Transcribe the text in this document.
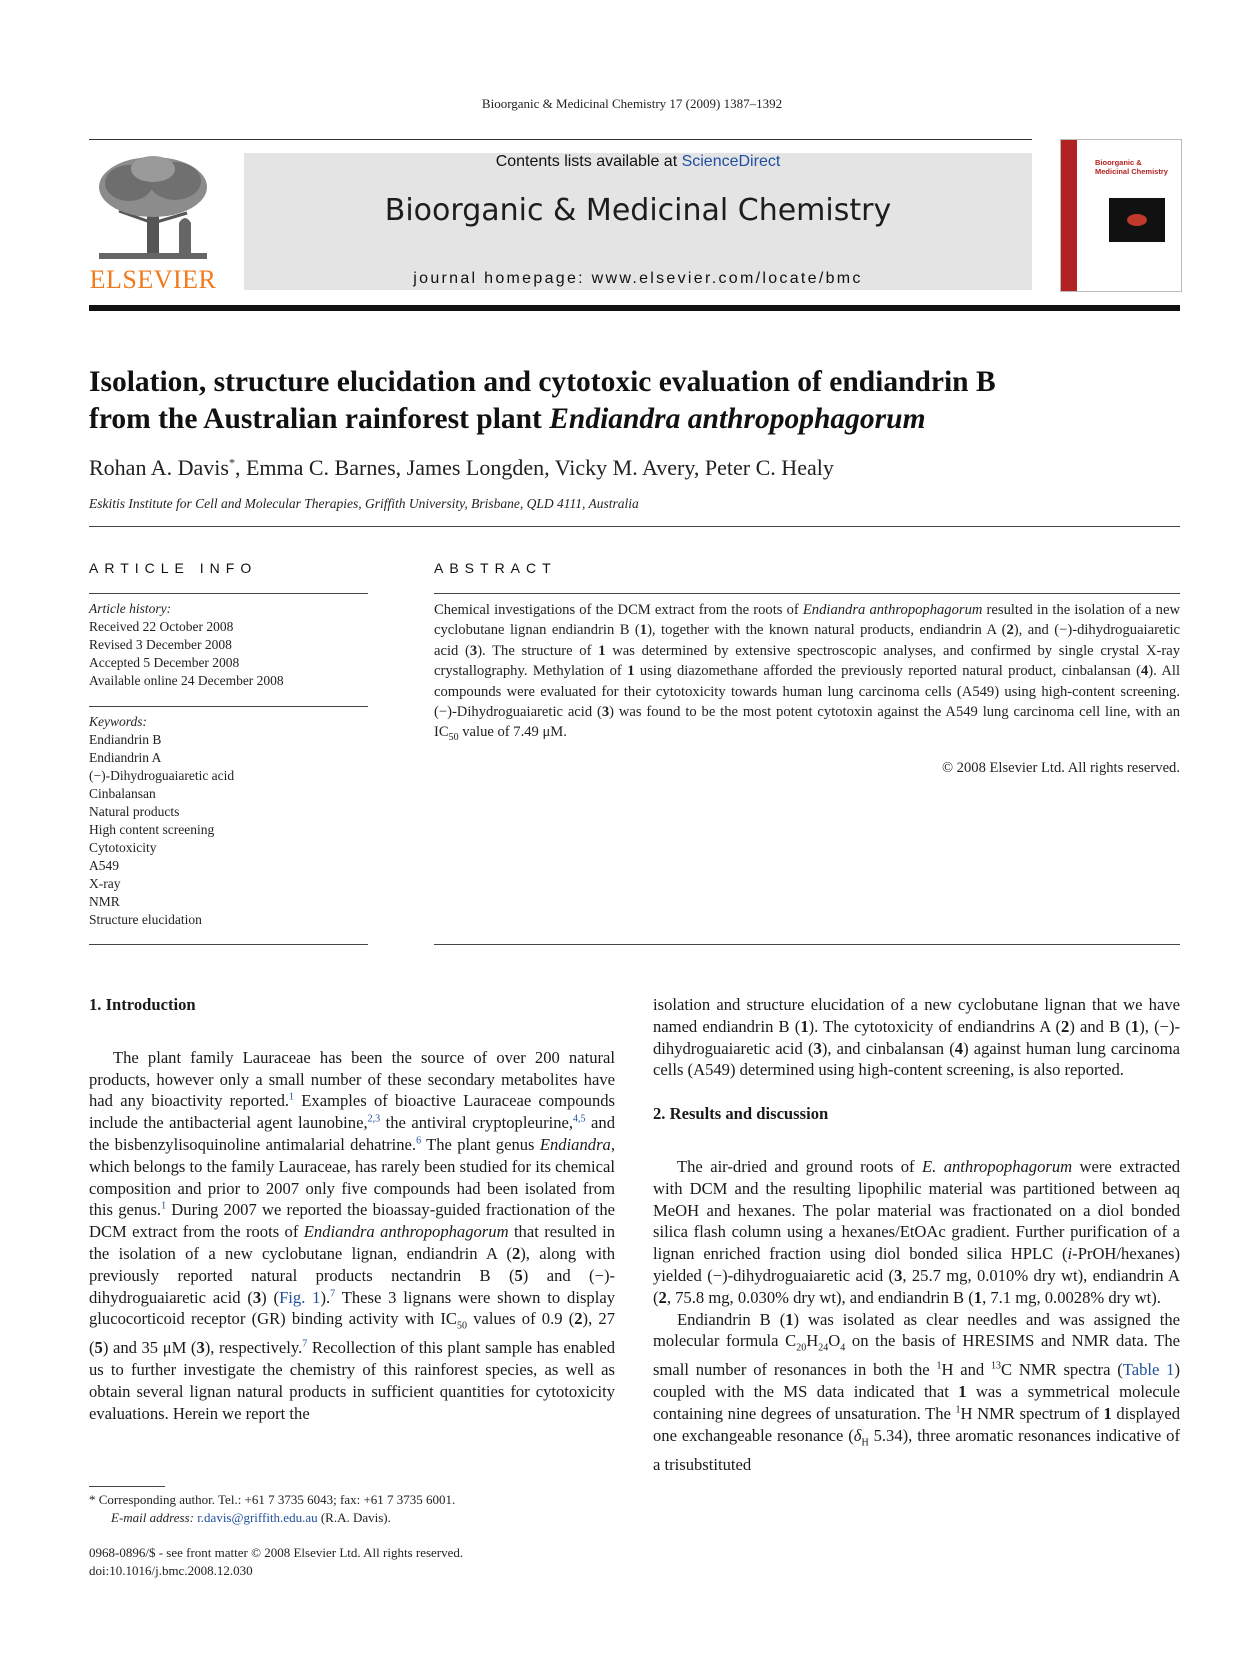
Bioorganic & Medicinal Chemistry 17 (2009) 1387–1392
ELSEVIER
Contents lists available at ScienceDirect
Bioorganic & Medicinal Chemistry
journal homepage: www.elsevier.com/locate/bmc
Bioorganic & Medicinal Chemistry
Isolation, structure elucidation and cytotoxic evaluation of endiandrin B
from the Australian rainforest plant Endiandra anthropophagorum
Rohan A. Davis*, Emma C. Barnes, James Longden, Vicky M. Avery, Peter C. Healy
Eskitis Institute for Cell and Molecular Therapies, Griffith University, Brisbane, QLD 4111, Australia
ARTICLE INFO
Article history:
Received 22 October 2008
Revised 3 December 2008
Accepted 5 December 2008
Available online 24 December 2008
Keywords:
Endiandrin B
Endiandrin A
(−)-Dihydroguaiaretic acid
Cinbalansan
Natural products
High content screening
Cytotoxicity
A549
X-ray
NMR
Structure elucidation
ABSTRACT
Chemical investigations of the DCM extract from the roots of Endiandra anthropophagorum resulted in the isolation of a new cyclobutane lignan endiandrin B (1), together with the known natural products, endiandrin A (2), and (−)-dihydroguaiaretic acid (3). The structure of 1 was determined by extensive spectroscopic analyses, and confirmed by single crystal X-ray crystallography. Methylation of 1 using diazomethane afforded the previously reported natural product, cinbalansan (4). All compounds were evaluated for their cytotoxicity towards human lung carcinoma cells (A549) using high-content screening. (−)-Dihydroguaiaretic acid (3) was found to be the most potent cytotoxin against the A549 lung carcinoma cell line, with an $IC_{50}$ value of 7.49 μM.
© 2008 Elsevier Ltd. All rights reserved.
1. Introduction

The plant family Lauraceae has been the source of over 200 natural products, however only a small number of these secondary metabolites have had any bioactivity reported.$^1$ Examples of bioactive Lauraceae compounds include the antibacterial agent launobine,$^{2,3}$ the antiviral cryptopleurine,$^{4,5}$ and the bisbenzylisoquinoline antimalarial dehatrine.$^6$ The plant genus Endiandra, which belongs to the family Lauraceae, has rarely been studied for its chemical composition and prior to 2007 only five compounds had been isolated from this genus.$^1$ During 2007 we reported the bioassay-guided fractionation of the DCM extract from the roots of Endiandra anthropophagorum that resulted in the isolation of a new cyclobutane lignan, endiandrin A (2), along with previously reported natural products nectandrin B (5) and (−)-dihydroguaiaretic acid (3) (Fig. 1).$^7$ These 3 lignans were shown to display glucocorticoid receptor (GR) binding activity with $IC_{50}$ values of 0.9 (2), 27 (5) and 35 μM (3), respectively.$^7$ Recollection of this plant sample has enabled us to further investigate the chemistry of this rainforest species, as well as obtain several lignan natural products in sufficient quantities for cytotoxicity evaluations. Herein we report the

isolation and structure elucidation of a new cyclobutane lignan that we have named endiandrin B (1). The cytotoxicity of endiandrins A (2) and B (1), (−)-dihydroguaiaretic acid (3), and cinbalansan (4) against human lung carcinoma cells (A549) determined using high-content screening, is also reported.

2. Results and discussion

The air-dried and ground roots of E. anthropophagorum were extracted with DCM and the resulting lipophilic material was partitioned between aq MeOH and hexanes. The polar material was fractionated on a diol bonded silica flash column using a hexanes/EtOAc gradient. Further purification of a lignan enriched fraction using diol bonded silica HPLC (i-PrOH/hexanes) yielded (−)-dihydroguaiaretic acid (3, 25.7 mg, 0.010% dry wt), endiandrin A (2, 75.8 mg, 0.030% dry wt), and endiandrin B (1, 7.1 mg, 0.0028% dry wt).

Endiandrin B (1) was isolated as clear needles and was assigned the molecular formula $C_{20}H_{24}O_4$ on the basis of HRESIMS and NMR data. The small number of resonances in both the $^1$H and $^{13}$C NMR spectra (Table 1) coupled with the MS data indicated that 1 was a symmetrical molecule containing nine degrees of unsaturation. The $^1$H NMR spectrum of 1 displayed one exchangeable resonance ($\delta_H$ 5.34), three aromatic resonances indicative of a trisubstituted

* Corresponding author. Tel.: +61 7 3735 6043; fax: +61 7 3735 6001.
E-mail address: r.davis@griffith.edu.au (R.A. Davis).
0968-0896/$ - see front matter © 2008 Elsevier Ltd. All rights reserved.
doi:10.1016/j.bmc.2008.12.030
